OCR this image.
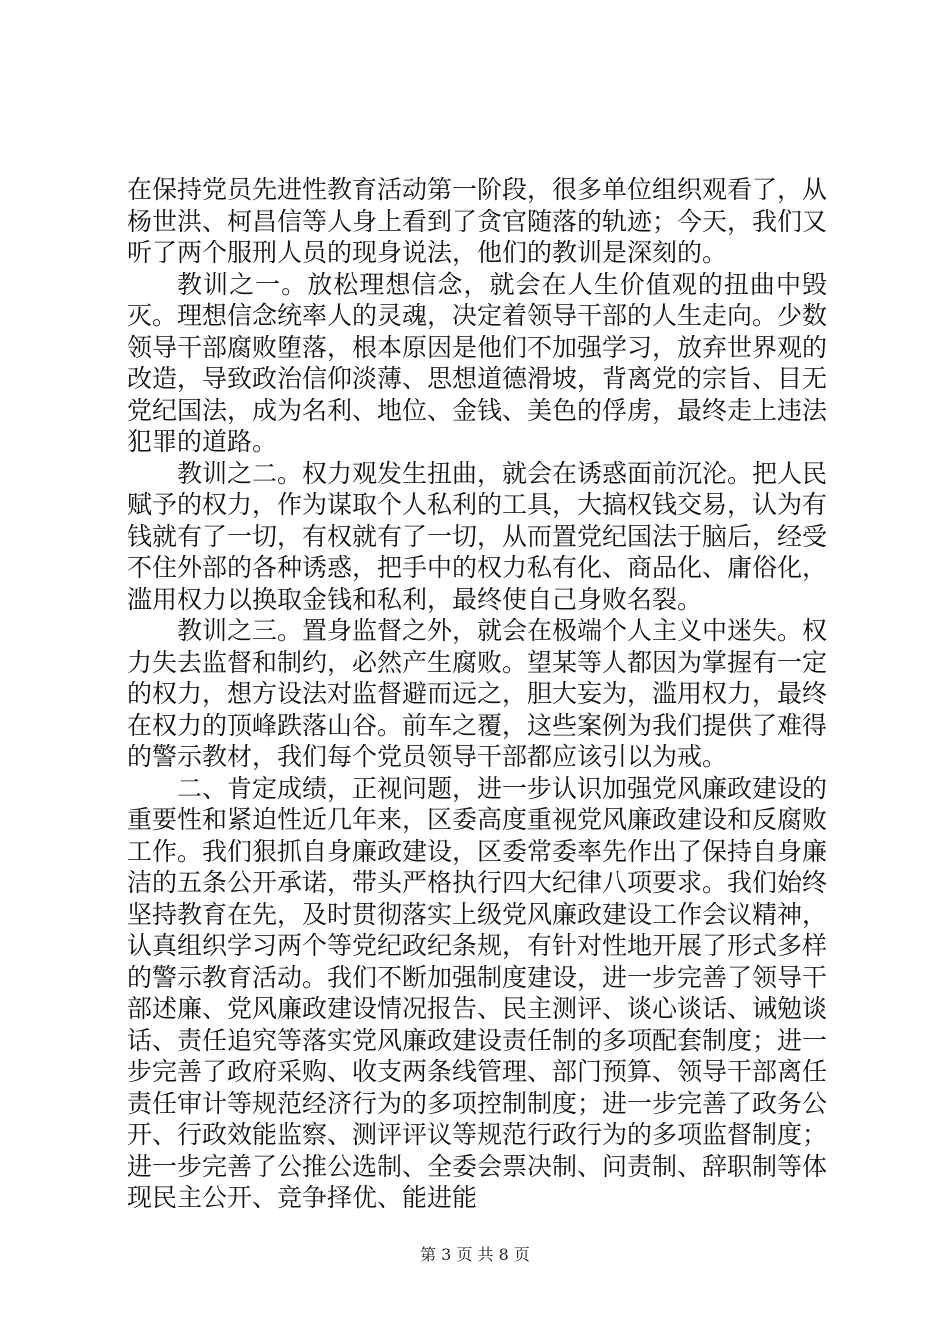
在保持党员先进性教育活动第一阶段，很多单位组织观看了，从杨世洪、柯昌信等人身上看到了贪官随落的轨迹；今天，我们又听了两个服刑人员的现身说法，他们的教训是深刻的。

教训之一。放松理想信念，就会在人生价值观的扭曲中毁灭。理想信念统率人的灵魂，决定着领导干部的人生走向。少数领导干部腐败堕落，根本原因是他们不加强学习，放弃世界观的改造，导致政治信仰淡薄、思想道德滑坡，背离党的宗旨、目无党纪国法，成为名利、地位、金钱、美色的俘虏，最终走上违法犯罪的道路。

教训之二。权力观发生扭曲，就会在诱惑面前沉沦。把人民赋予的权力，作为谋取个人私利的工具，大搞权钱交易，认为有钱就有了一切，有权就有了一切，从而置党纪国法于脑后，经受不住外部的各种诱惑，把手中的权力私有化、商品化、庸俗化，滥用权力以换取金钱和私利，最终使自己身败名裂。

教训之三。置身监督之外，就会在极端个人主义中迷失。权力失去监督和制约，必然产生腐败。望某等人都因为掌握有一定的权力，想方设法对监督避而远之，胆大妄为，滥用权力，最终在权力的顶峰跌落山谷。前车之覆，这些案例为我们提供了难得的警示教材，我们每个党员领导干部都应该引以为戒。

二、肯定成绩，正视问题，进一步认识加强党风廉政建设的重要性和紧迫性近几年来，区委高度重视党风廉政建设和反腐败工作。我们狠抓自身廉政建设，区委常委率先作出了保持自身廉洁的五条公开承诺，带头严格执行四大纪律八项要求。我们始终坚持教育在先，及时贯彻落实上级党风廉政建设工作会议精神，认真组织学习两个等党纪政纪条规，有针对性地开展了形式多样的警示教育活动。我们不断加强制度建设，进一步完善了领导干部述廉、党风廉政建设情况报告、民主测评、谈心谈话、诫勉谈话、责任追究等落实党风廉政建设责任制的多项配套制度；进一步完善了政府采购、收支两条线管理、部门预算、领导干部离任责任审计等规范经济行为的多项控制制度；进一步完善了政务公开、行政效能监察、测评评议等规范行政行为的多项监督制度；进一步完善了公推公选制、全委会票决制、问责制、辞职制等体现民主公开、竞争择优、能进能

第 3 页 共 8 页
